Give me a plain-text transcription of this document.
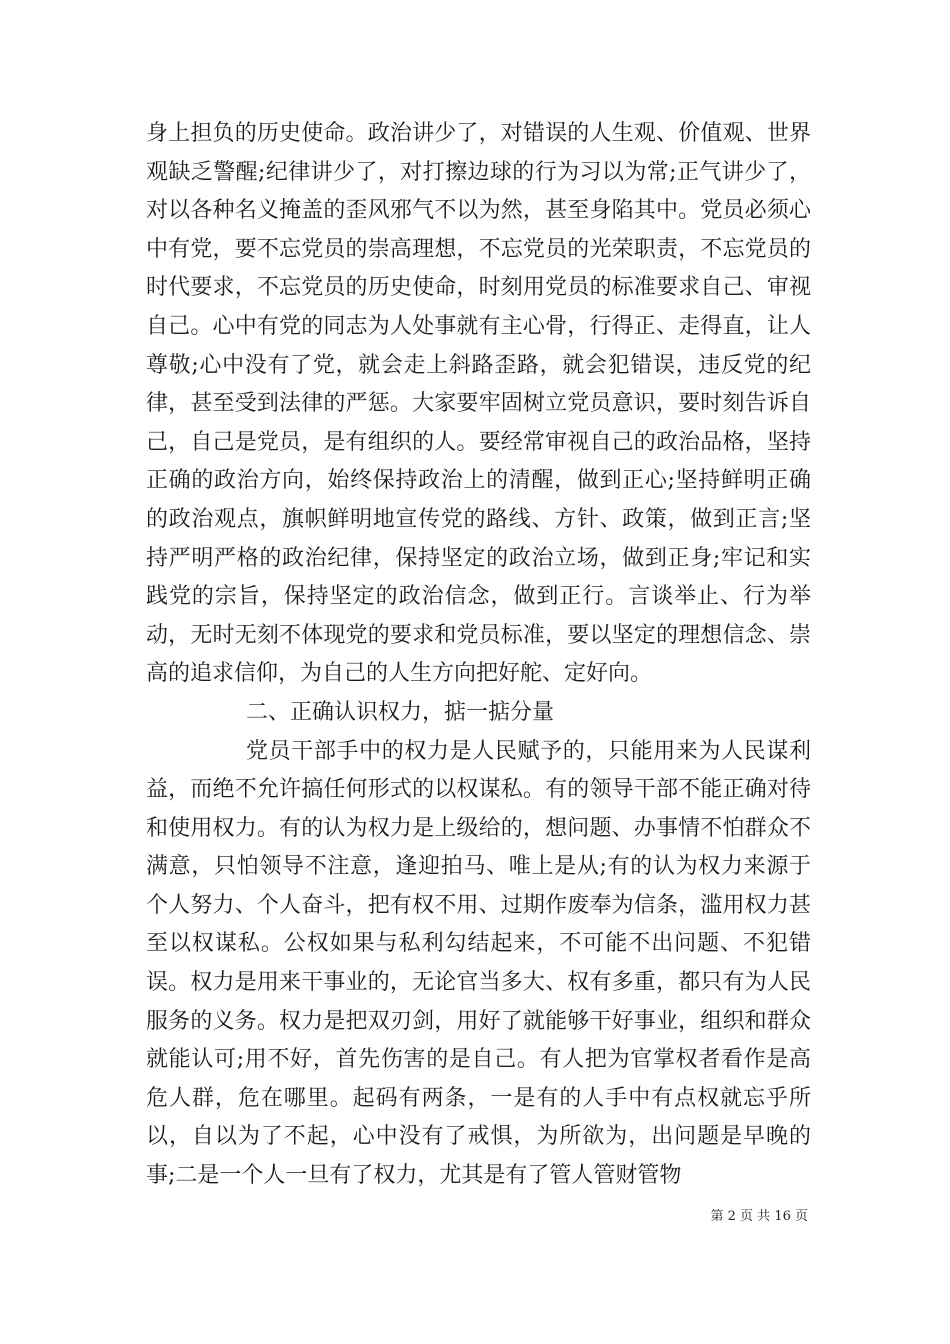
身上担负的历史使命。政治讲少了，对错误的人生观、价值观、世界观缺乏警醒;纪律讲少了，对打擦边球的行为习以为常;正气讲少了，对以各种名义掩盖的歪风邪气不以为然，甚至身陷其中。党员必须心中有党，要不忘党员的崇高理想，不忘党员的光荣职责，不忘党员的时代要求，不忘党员的历史使命，时刻用党员的标准要求自己、审视自己。心中有党的同志为人处事就有主心骨，行得正、走得直，让人尊敬;心中没有了党，就会走上斜路歪路，就会犯错误，违反党的纪律，甚至受到法律的严惩。大家要牢固树立党员意识，要时刻告诉自己，自己是党员，是有组织的人。要经常审视自己的政治品格，坚持正确的政治方向，始终保持政治上的清醒，做到正心;坚持鲜明正确的政治观点，旗帜鲜明地宣传党的路线、方针、政策，做到正言;坚持严明严格的政治纪律，保持坚定的政治立场，做到正身;牢记和实践党的宗旨，保持坚定的政治信念，做到正行。言谈举止、行为举动，无时无刻不体现党的要求和党员标准，要以坚定的理想信念、崇高的追求信仰，为自己的人生方向把好舵、定好向。

二、正确认识权力，掂一掂分量

党员干部手中的权力是人民赋予的，只能用来为人民谋利益，而绝不允许搞任何形式的以权谋私。有的领导干部不能正确对待和使用权力。有的认为权力是上级给的，想问题、办事情不怕群众不满意，只怕领导不注意，逢迎拍马、唯上是从;有的认为权力来源于个人努力、个人奋斗，把有权不用、过期作废奉为信条，滥用权力甚至以权谋私。公权如果与私利勾结起来，不可能不出问题、不犯错误。权力是用来干事业的，无论官当多大、权有多重，都只有为人民服务的义务。权力是把双刃剑，用好了就能够干好事业，组织和群众就能认可;用不好，首先伤害的是自己。有人把为官掌权者看作是高危人群，危在哪里。起码有两条，一是有的人手中有点权就忘乎所以，自以为了不起，心中没有了戒惧，为所欲为，出问题是早晚的事;二是一个人一旦有了权力，尤其是有了管人管财管物

第 2 页 共 16 页
